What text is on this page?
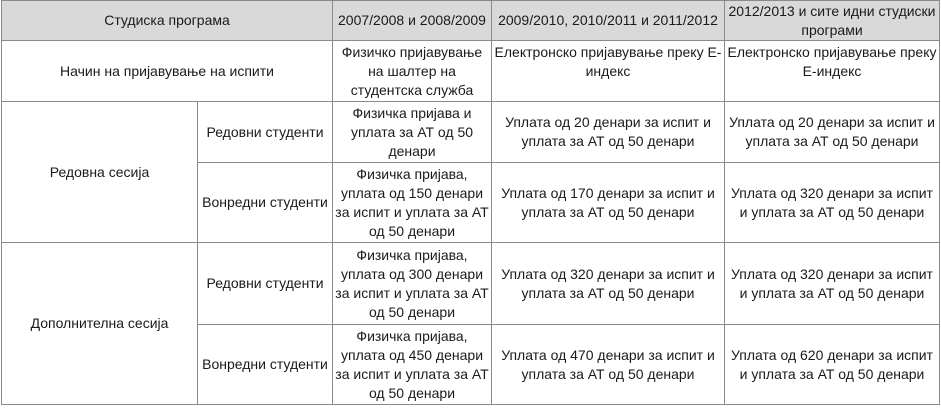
Студиска програма		2007/2008 и 2008/2009	2009/2010, 2010/2011 и 2011/2012	2012/2013 и сите идни студиски програми
Начин на пријавување на испити		Физичко пријавување на шалтер на студентска служба	Електронско пријавување преку Е-индекс	Електронско пријавување преку Е-индекс
Редовна сесија	Редовни студенти	Физичка пријава и уплата за АТ од 50 денари	Уплата од 20 денари за испит и уплата за АТ од 50 денари	Уплата од 20 денари за испит и уплата за АТ од 50 денари
	Вонредни студенти	Физичка пријава, уплата од 150 денари за испит и уплата за АТ од 50 денари	Уплата од 170 денари за испит и уплата за АТ од 50 денари	Уплата од 320 денари за испит и уплата за АТ од 50 денари
Дополнителна сесија	Редовни студенти	Физичка пријава, уплата од 300 денари за испит и уплата за АТ од 50 денари	Уплата од 320 денари за испит и уплата за АТ од 50 денари	Уплата од 320 денари за испит и уплата за АТ од 50 денари
	Вонредни студенти	Физичка пријава, уплата од 450 денари за испит и уплата за АТ од 50 денари	Уплата од 470 денари за испит и уплата за АТ од 50 денари	Уплата од 620 денари за испит и уплата за АТ од 50 денари
